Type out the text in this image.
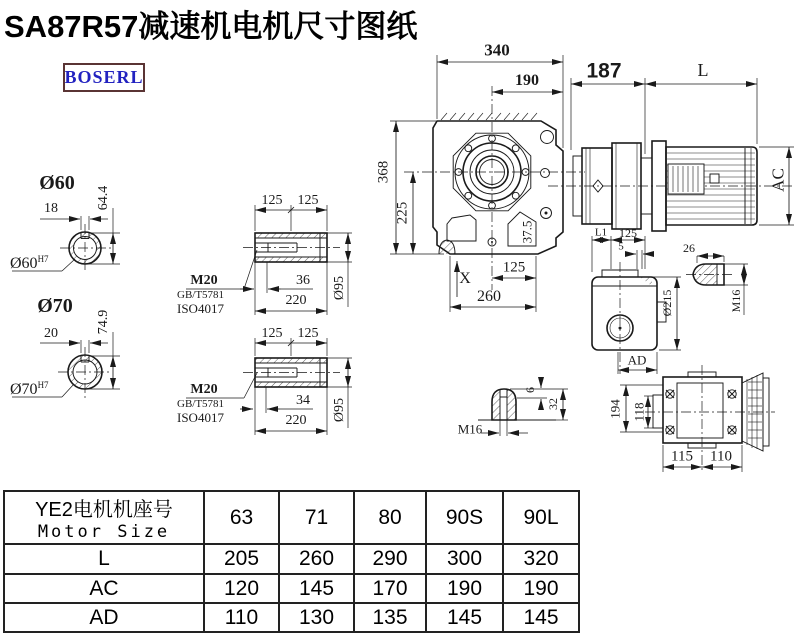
SA87R57减速机电机尺寸图纸
BOSERL
Ø60
18	64.4
$Ø60^{H7}$
Ø70
20	74.9
$Ø70^{H7}$
125 125
36
220
Ø95
M20
GB/T5781
ISO4017
125 125
34
220 Ø95
M20
GB/T5781
ISO4017
340
190
368
225
37.5
X
125
260
187	L
AC
L1 125
5
Ø215
AD
26
M16
M16
6
32	194 118
115 110
YE2电机机座号
Motor Size	63	71	80	90S	90L
L	205	260	290	300	320
AC	120	145	170	190	190
AD	110	130	135	145	145
